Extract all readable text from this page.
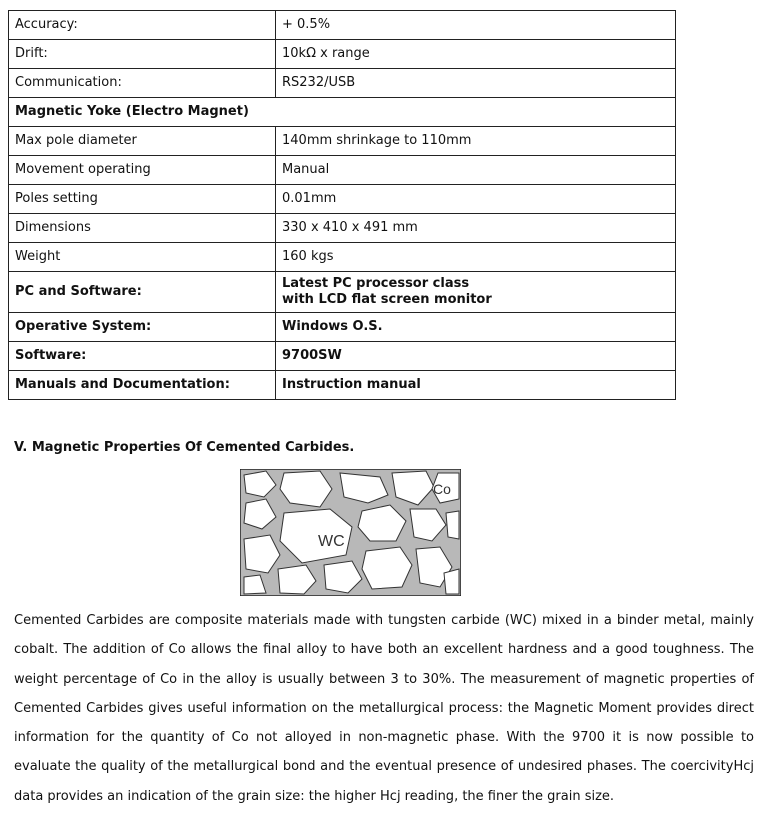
Accuracy:	+ 0.5%
Drift:	10kΩ x range
Communication:	RS232/USB
Magnetic Yoke (Electro Magnet)	
Max pole diameter	140mm shrinkage to 110mm
Movement operating	Manual
Poles setting	0.01mm
Dimensions	330 x 410 x 491 mm
Weight	160 kgs
PC and Software:	Latest PC processor class
with LCD flat screen monitor
Operative System:	Windows O.S.
Software:	9700SW
Manuals and Documentation:	Instruction manual
V. Magnetic Properties Of Cemented Carbides.
Co
WC

Cemented Carbides are composite materials made with tungsten carbide (WC) mixed in a binder metal, mainly cobalt. The addition of Co allows the final alloy to have both an excellent hardness and a good toughness. The weight percentage of Co in the alloy is usually between 3 to 30%. The measurement of magnetic properties of Cemented Carbides gives useful information on the metallurgical process: the Magnetic Moment provides direct information for the quantity of Co not alloyed in non-magnetic phase. With the 9700 it is now possible to evaluate the quality of the metallurgical bond and the eventual presence of undesired phases. The coercivityHcj data provides an indication of the grain size: the higher Hcj reading, the finer the grain size.
